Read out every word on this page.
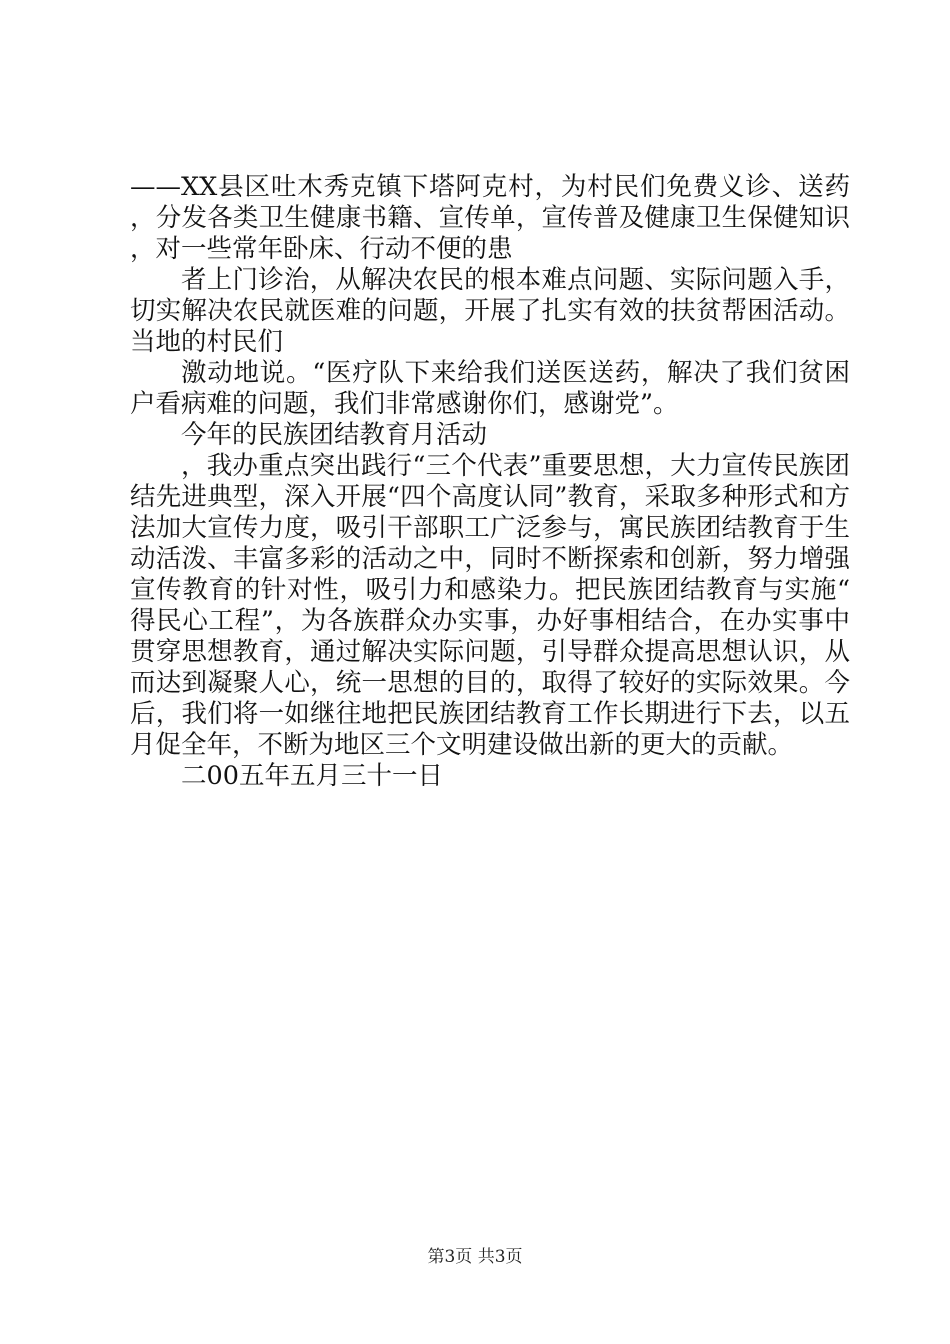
——XX县区吐木秀克镇下塔阿克村，为村民们免费义诊、送药，分发各类卫生健康书籍、宣传单，宣传普及健康卫生保健知识，对一些常年卧床、行动不便的患

者上门诊治，从解决农民的根本难点问题、实际问题入手，切实解决农民就医难的问题，开展了扎实有效的扶贫帮困活动。当地的村民们

激动地说。“医疗队下来给我们送医送药，解决了我们贫困户看病难的问题，我们非常感谢你们，感谢党”。

今年的民族团结教育月活动

，我办重点突出践行“三个代表”重要思想，大力宣传民族团结先进典型，深入开展“四个高度认同”教育，采取多种形式和方法加大宣传力度，吸引干部职工广泛参与，寓民族团结教育于生动活泼、丰富多彩的活动之中，同时不断探索和创新，努力增强宣传教育的针对性，吸引力和感染力。把民族团结教育与实施“得民心工程”，为各族群众办实事，办好事相结合，在办实事中贯穿思想教育，通过解决实际问题，引导群众提高思想认识，从而达到凝聚人心，统一思想的目的，取得了较好的实际效果。今后，我们将一如继往地把民族团结教育工作长期进行下去，以五月促全年，不断为地区三个文明建设做出新的更大的贡献。

二00五年五月三十一日

第3页 共3页
